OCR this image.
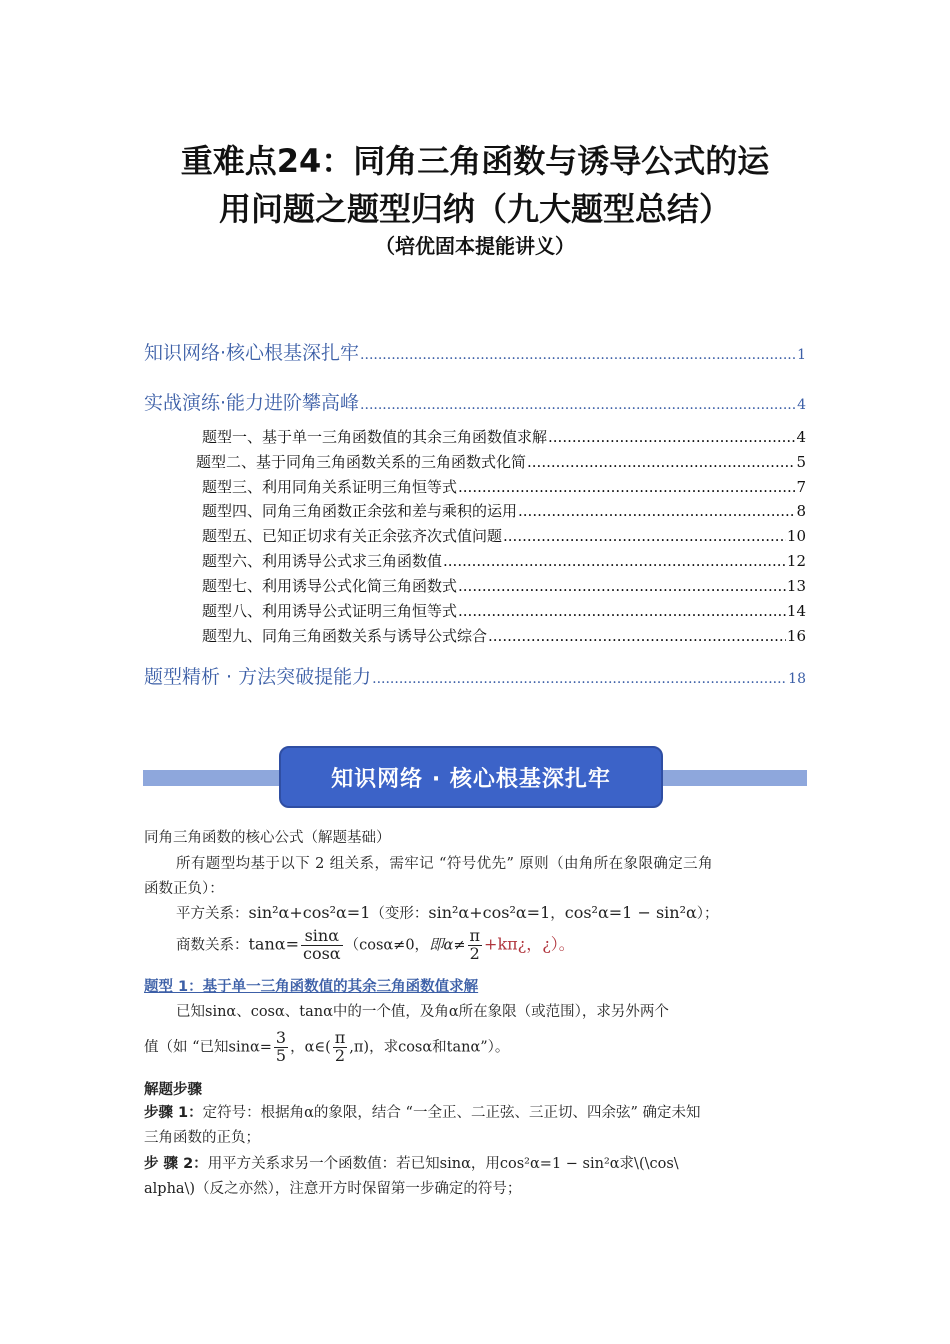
重难点24：同角三角函数与诱导公式的运
用问题之题型归纳（九大题型总结）
（培优固本提能讲义）
知识网络·核心根基深扎牢 .....	1
实战演练·能力进阶攀高峰 .....	4
题型一、基于单一三角函数值的其余三角函数值求解 .....	4
题型二、基于同角三角函数关系的三角函数式化简 .....	5
题型三、利用同角关系证明三角恒等式 .....	7
题型四、同角三角函数正余弦和差与乘积的运用 .....	8
题型五、已知正切求有关正余弦齐次式值问题 .....	10
题型六、利用诱导公式求三角函数值 .....	12
题型七、利用诱导公式化简三角函数式 .....	13
题型八、利用诱导公式证明三角恒等式 .....	14
题型九、同角三角函数关系与诱导公式综合 .....	16
题型精析 · 方法突破提能力 .....	18
知识网络 · 核心根基深扎牢
同角三角函数的核心公式（解题基础）
所有题型均基于以下 2 组关系，需牢记 “符号优先” 原则（由角所在象限确定三角
函数正负）：
平方关系：sin²α+cos²α=1（变形：sin²α+cos²α=1，cos²α=1 − sin²α）；
商数关系：$\tan\alpha= \frac{\sin\alpha}{\cos\alpha} (\cos\alpha\ne 0$，即$\alpha\ne \frac{\pi}{2}$ +kπ¿，¿）。
题型 1：基于单一三角函数值的其余三角函数值求解
已知sinα、cosα、tanα中的一个值，及角α所在象限（或范围），求另外两个
值（如 “已知$\sin\alpha= \frac{3}{5}$ ，α∈( $\frac{\pi}{2} ,\pi$)，求cosα和tanα”）。
解题步骤
步骤 1：定符号：根据角α的象限，结合 “一全正、二正弦、三正切、四余弦” 确定未知
三角函数的正负；
步 骤 2：用平方关系求另一个函数值：若已知sinα，用cos²α=1 − sin²α求\(\cos\
alpha\)（反之亦然），注意开方时保留第一步确定的符号；
